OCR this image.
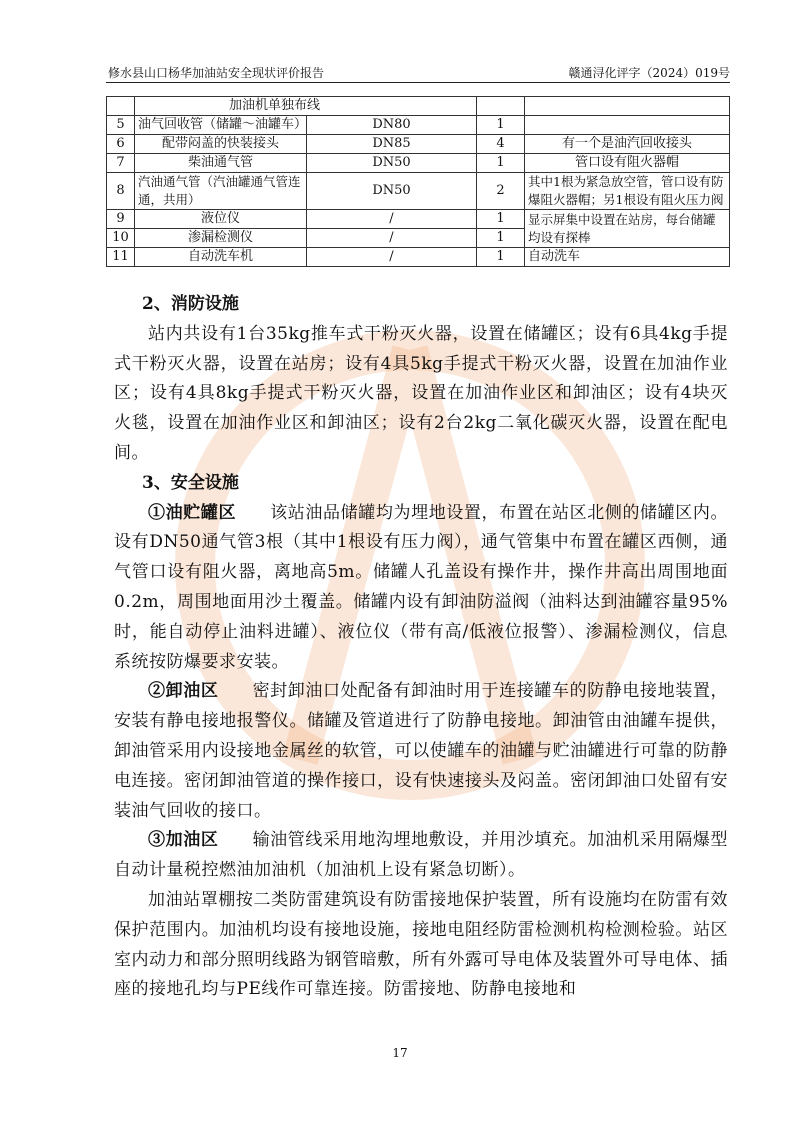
修水县山口杨华加油站安全现状评价报告	赣通浔化评字（2024）019号
	加油机单独布线			
5	油气回收管（储罐～油罐车）	DN80	1	
6	配带闷盖的快装接头	DN85	4	有一个是油汽回收接头
7	柴油通气管	DN50	1	管口设有阻火器帽
8	汽油通气管（汽油罐通气管连通，共用）	DN50	2	其中1根为紧急放空管，管口设有防爆阻火器帽；另1根设有阻火压力阀
9	液位仪	/	1	显示屏集中设置在站房，每台储罐均设有探棒
10	渗漏检测仪	/	1	
11	自动洗车机	/	1	自动洗车
2、消防设施

站内共设有1台35kg推车式干粉灭火器，设置在储罐区；设有6具4kg手提式干粉灭火器，设置在站房；设有4具5kg手提式干粉灭火器，设置在加油作业区；设有4具8kg手提式干粉灭火器，设置在加油作业区和卸油区；设有4块灭火毯，设置在加油作业区和卸油区；设有2台2kg二氧化碳灭火器，设置在配电间。

3、安全设施

①油贮罐区 该站油品储罐均为埋地设置，布置在站区北侧的储罐区内。设有DN50通气管3根（其中1根设有压力阀），通气管集中布置在罐区西侧，通气管口设有阻火器，离地高5m。储罐人孔盖设有操作井，操作井高出周围地面0.2m，周围地面用沙土覆盖。储罐内设有卸油防溢阀（油料达到油罐容量95%时，能自动停止油料进罐）、液位仪（带有高/低液位报警）、渗漏检测仪，信息系统按防爆要求安装。

②卸油区 密封卸油口处配备有卸油时用于连接罐车的防静电接地装置，安装有静电接地报警仪。储罐及管道进行了防静电接地。卸油管由油罐车提供，卸油管采用内设接地金属丝的软管，可以使罐车的油罐与贮油罐进行可靠的防静电连接。密闭卸油管道的操作接口，设有快速接头及闷盖。密闭卸油口处留有安装油气回收的接口。

③加油区 输油管线采用地沟埋地敷设，并用沙填充。加油机采用隔爆型自动计量税控燃油加油机（加油机上设有紧急切断）。

加油站罩棚按二类防雷建筑设有防雷接地保护装置，所有设施均在防雷有效保护范围内。加油机均设有接地设施，接地电阻经防雷检测机构检测检验。站区室内动力和部分照明线路为钢管暗敷，所有外露可导电体及装置外可导电体、插座的接地孔均与PE线作可靠连接。防雷接地、防静电接地和

17
